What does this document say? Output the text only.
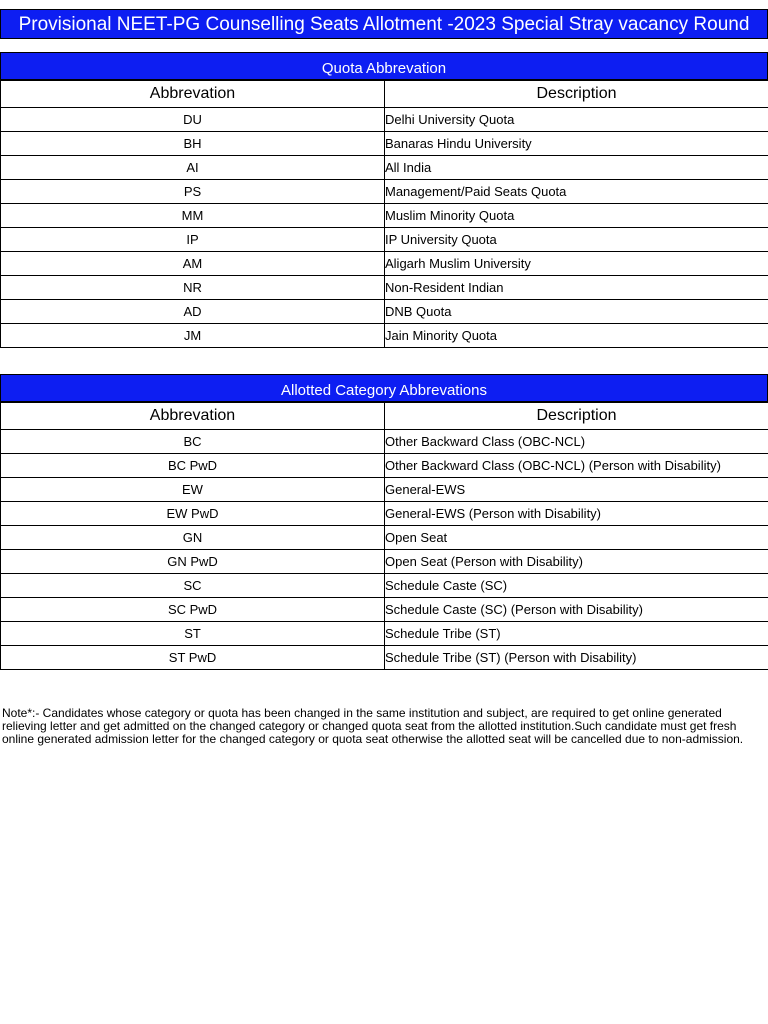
Provisional NEET-PG Counselling Seats Allotment -2023 Special Stray vacancy Round
Quota Abbrevation
Abbrevation	Description
DU	Delhi University Quota
BH	Banaras Hindu University
AI	All India
PS	Management/Paid Seats Quota
MM	Muslim Minority Quota
IP	IP University Quota
AM	Aligarh Muslim University
NR	Non-Resident Indian
AD	DNB Quota
JM	Jain Minority Quota
Allotted Category Abbrevations
Abbrevation	Description
BC	Other Backward Class (OBC-NCL)
BC PwD	Other Backward Class (OBC-NCL) (Person with Disability)
EW	General-EWS
EW PwD	General-EWS (Person with Disability)
GN	Open Seat
GN PwD	Open Seat (Person with Disability)
SC	Schedule Caste (SC)
SC PwD	Schedule Caste (SC) (Person with Disability)
ST	Schedule Tribe (ST)
ST PwD	Schedule Tribe (ST) (Person with Disability)
Note*:- Candidates whose category or quota has been changed in the same institution and subject, are required to get online generated relieving letter and get admitted on the changed category or changed quota seat from the allotted institution.Such candidate must get fresh online generated admission letter for the changed category or quota seat otherwise the allotted seat will be cancelled due to non-admission.
